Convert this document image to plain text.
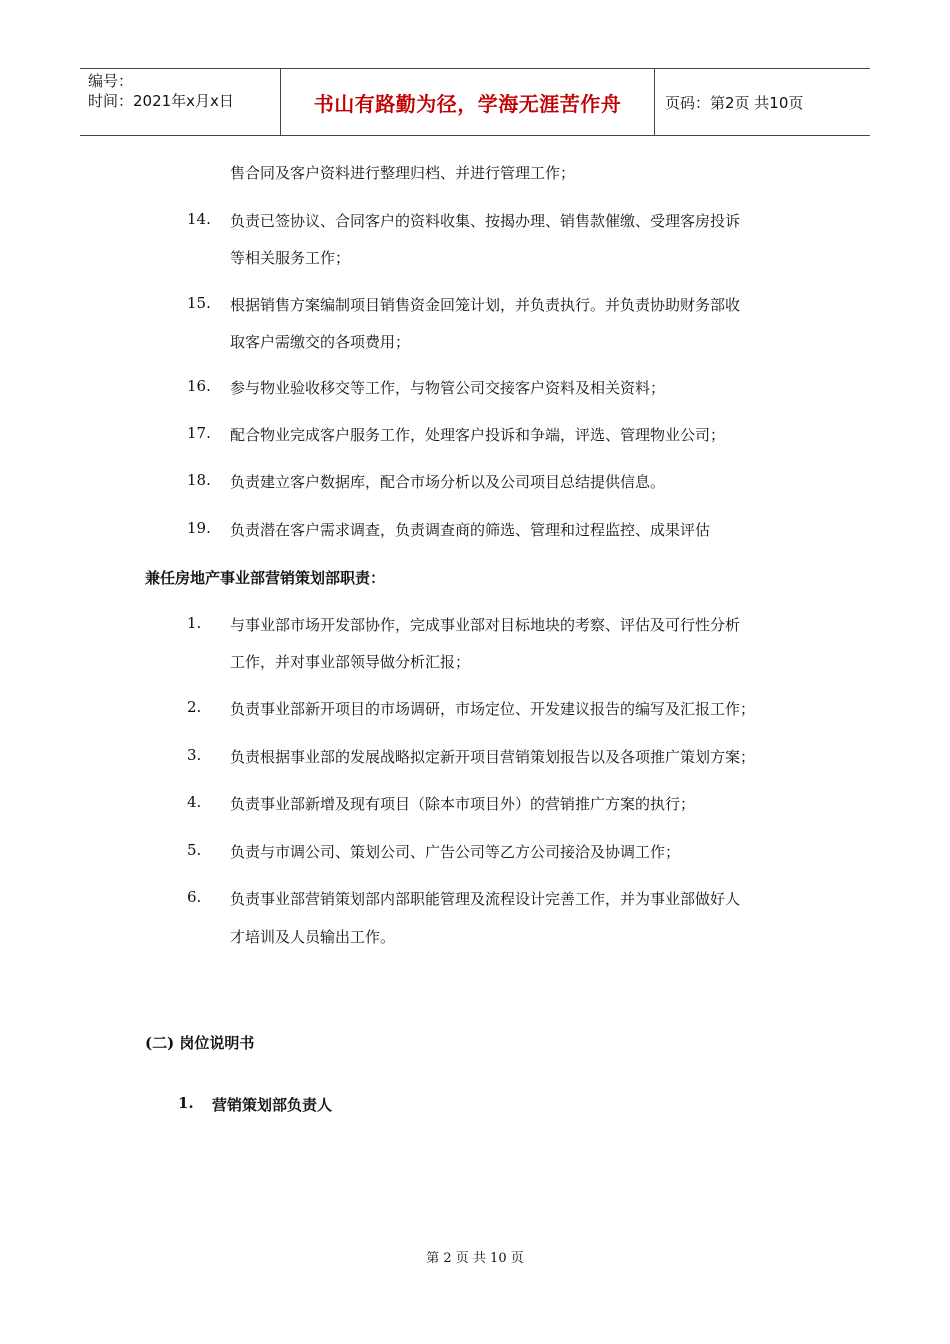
编号：
时间：2021年x月x日	书山有路勤为径，学海无涯苦作舟	页码：第2页 共10页
售合同及客户资料进行整理归档、并进行管理工作；
14. 负责已签协议、合同客户的资料收集、按揭办理、销售款催缴、受理客房投诉
等相关服务工作；
15. 根据销售方案编制项目销售资金回笼计划，并负责执行。并负责协助财务部收
取客户需缴交的各项费用；
16. 参与物业验收移交等工作，与物管公司交接客户资料及相关资料；
17. 配合物业完成客户服务工作，处理客户投诉和争端，评选、管理物业公司；
18. 负责建立客户数据库，配合市场分析以及公司项目总结提供信息。
19. 负责潜在客户需求调查，负责调查商的筛选、管理和过程监控、成果评估
兼任房地产事业部营销策划部职责：
1. 与事业部市场开发部协作，完成事业部对目标地块的考察、评估及可行性分析
工作，并对事业部领导做分析汇报；
2. 负责事业部新开项目的市场调研，市场定位、开发建议报告的编写及汇报工作；
3. 负责根据事业部的发展战略拟定新开项目营销策划报告以及各项推广策划方案；
4. 负责事业部新增及现有项目（除本市项目外）的营销推广方案的执行；
5. 负责与市调公司、策划公司、广告公司等乙方公司接洽及协调工作；
6. 负责事业部营销策划部内部职能管理及流程设计完善工作，并为事业部做好人
才培训及人员输出工作。
(二) 岗位说明书
1. 营销策划部负责人
第 2 页 共 10 页
